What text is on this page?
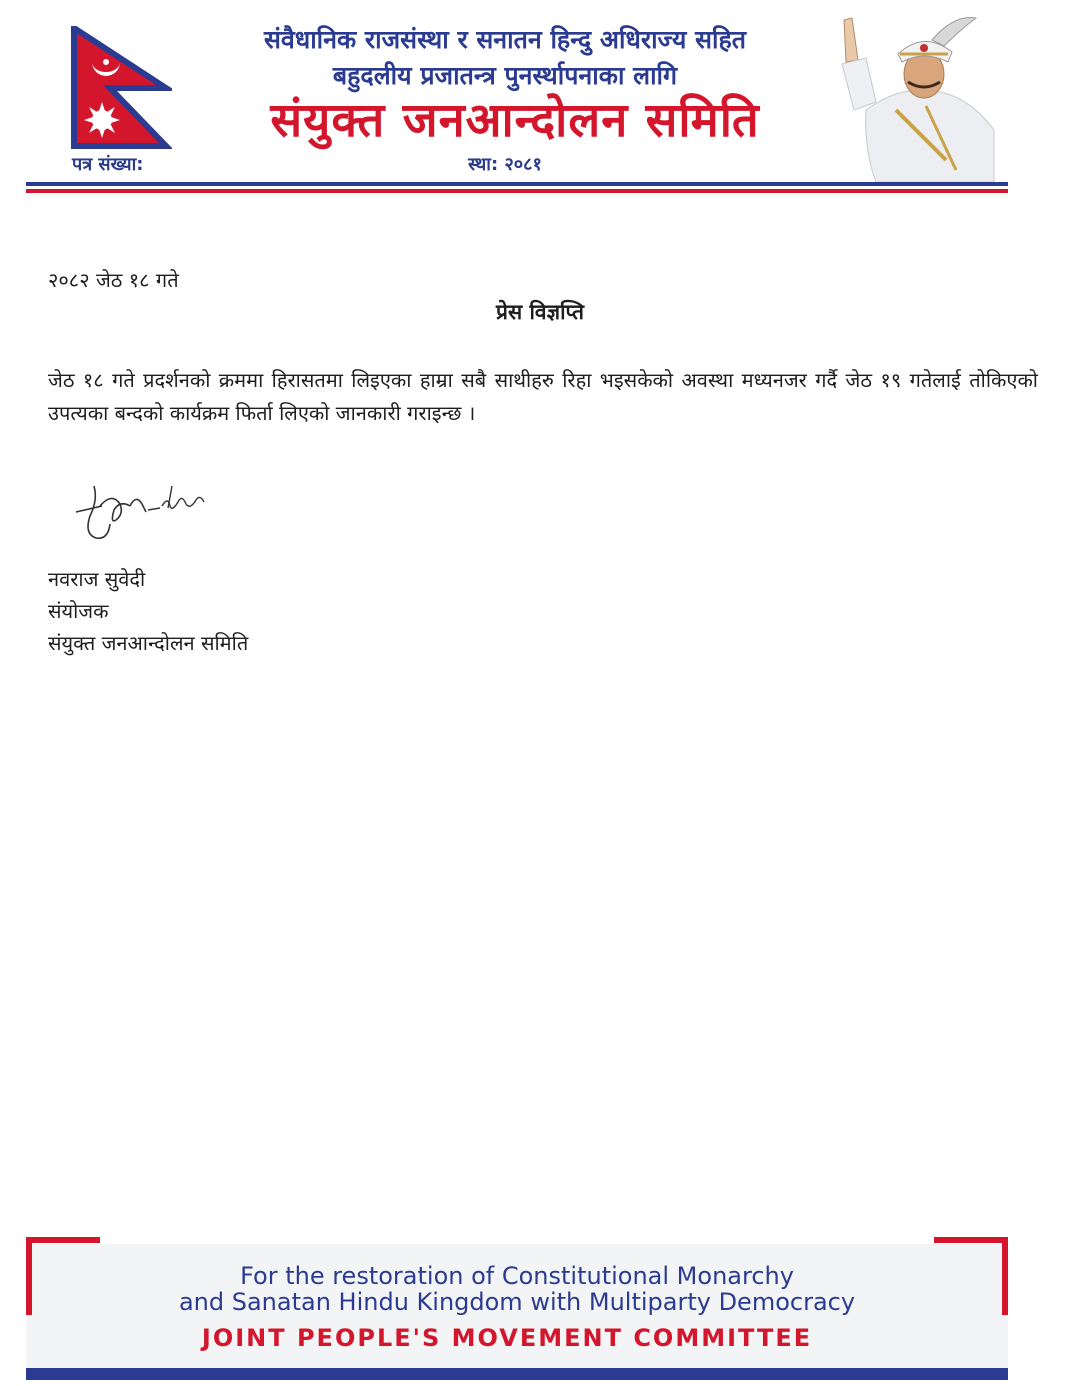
संवैधानिक राजसंस्था र सनातन हिन्दु अधिराज्य सहित
बहुदलीय प्रजातन्त्र पुनर्स्थापनाका लागि
संयुक्त जनआन्दोलन समिति
पत्र संख्या:	स्था: २०८१
२०८२ जेठ १८ गते
प्रेस विज्ञप्ति
जेठ १८ गते प्रदर्शनको क्रममा हिरासतमा लिइएका हाम्रा सबै साथीहरु रिहा भइसकेको अवस्था मध्यनजर गर्दै जेठ १९ गतेलाई तोकिएको उपत्यका बन्दको कार्यक्रम फिर्ता लिएको जानकारी गराइन्छ ।
नवराज सुवेदी
संयोजक
संयुक्त जनआन्दोलन समिति
For the restoration of Constitutional Monarchy
and Sanatan Hindu Kingdom with Multiparty Democracy
JOINT PEOPLE'S MOVEMENT COMMITTEE
